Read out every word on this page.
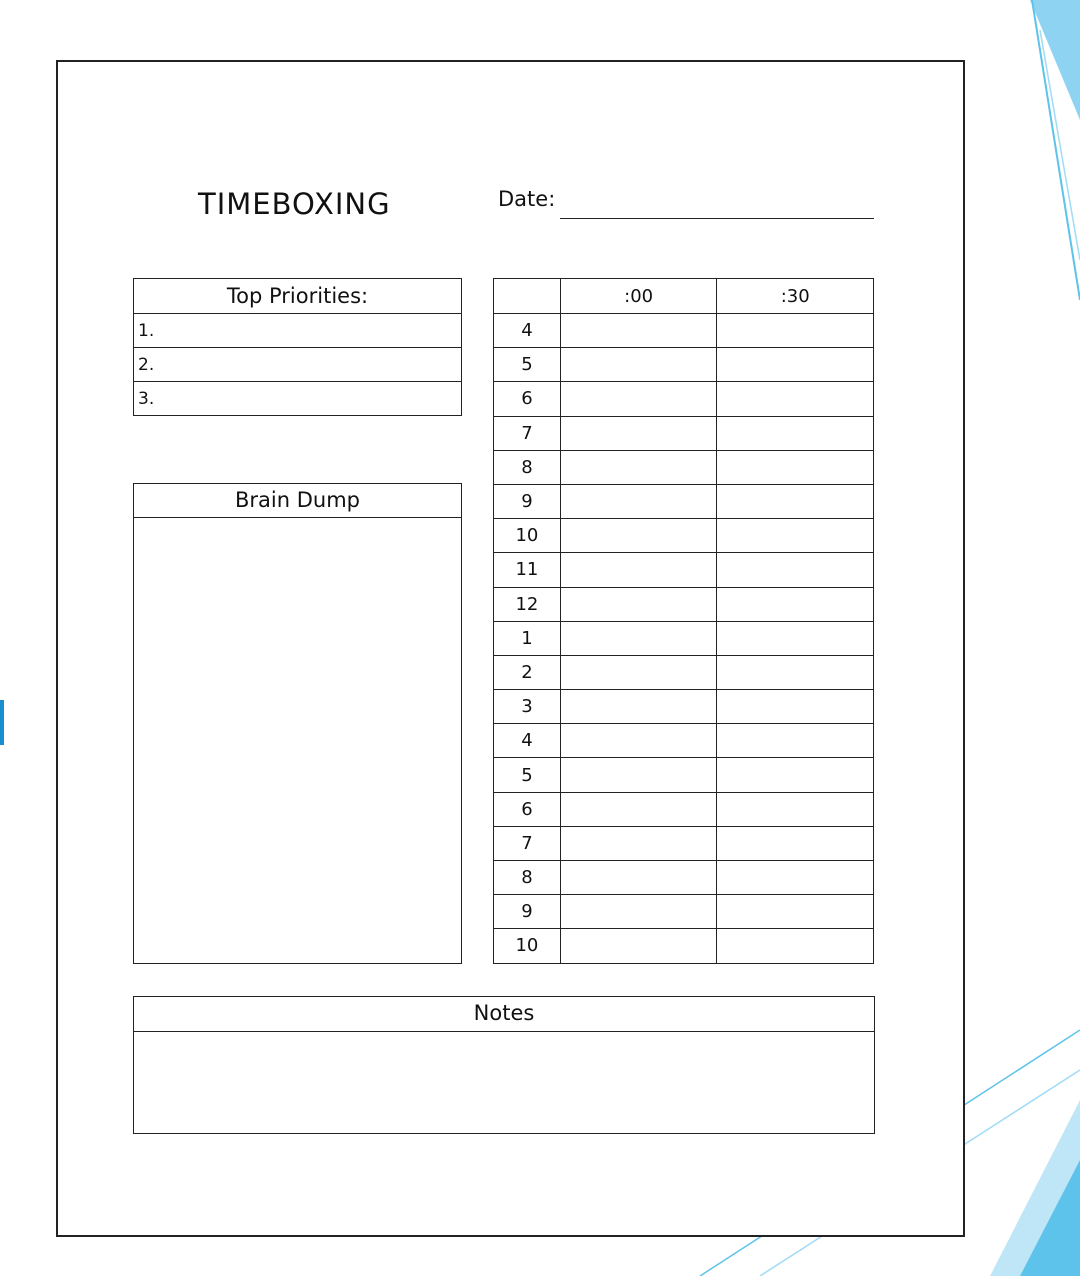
TIMEBOXING	Date:
Top Priorities:
1.
2.
3.
Brain Dump
	:00	:30
4		
5		
6		
7		
8		
9		
10		
11		
12		
1		
2		
3		
4		
5		
6		
7		
8		
9		
10		
Notes
